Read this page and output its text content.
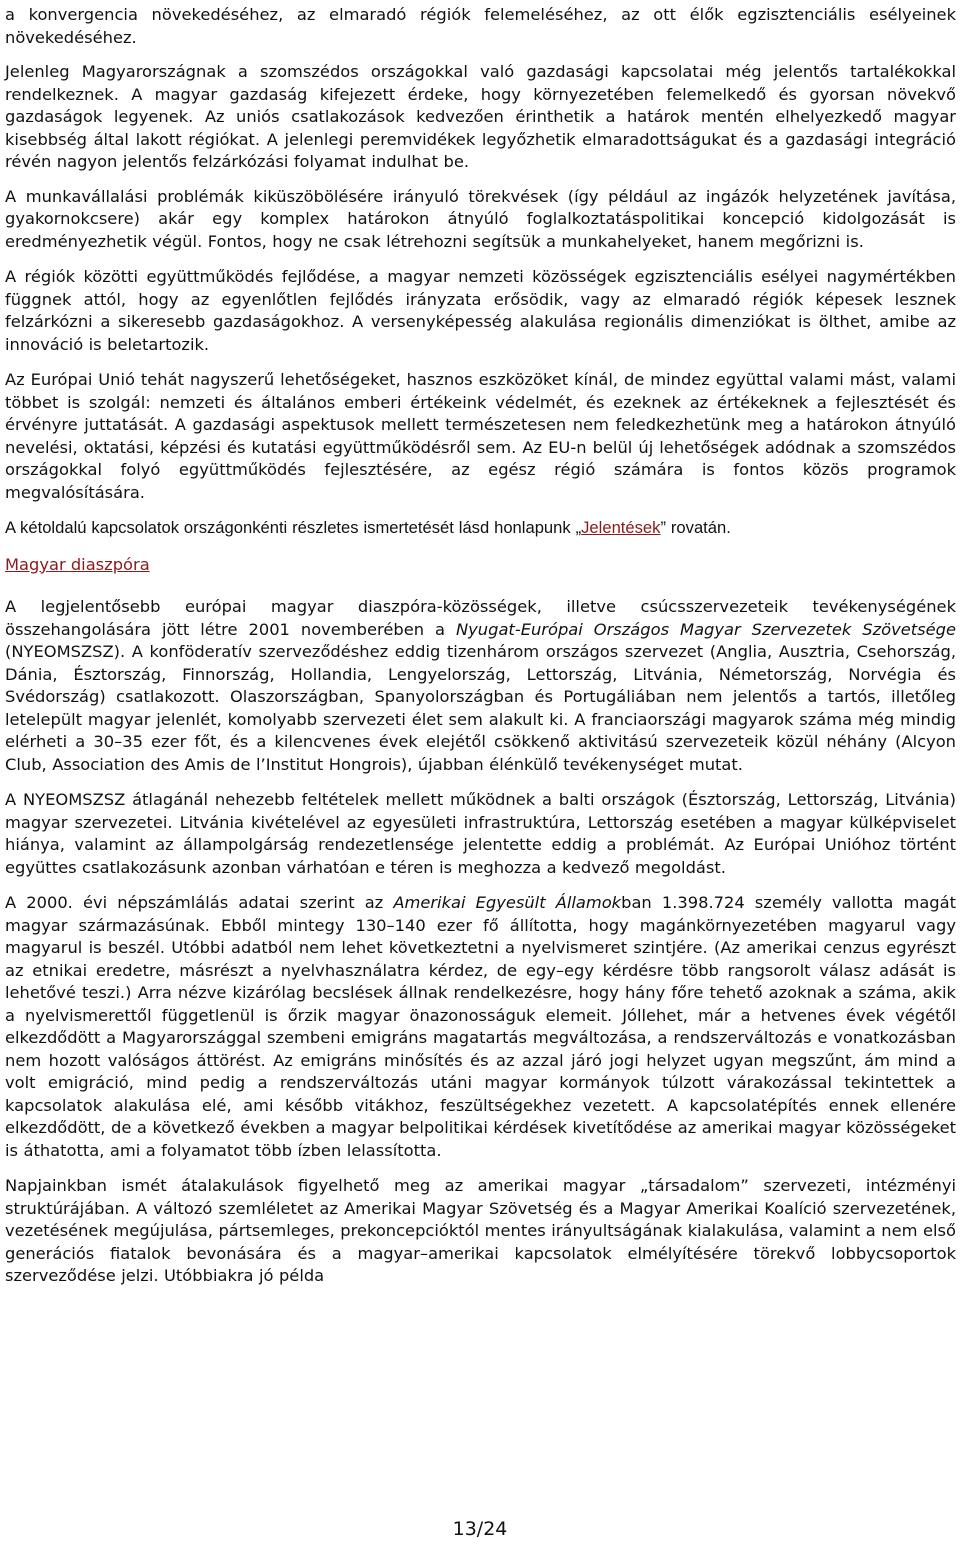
a konvergencia növekedéséhez, az elmaradó régiók felemeléséhez, az ott élők egzisztenciális esélyeinek növekedéséhez.

Jelenleg Magyarországnak a szomszédos országokkal való gazdasági kapcsolatai még jelentős tartalékokkal rendelkeznek. A magyar gazdaság kifejezett érdeke, hogy környezetében felemelkedő és gyorsan növekvő gazdaságok legyenek. Az uniós csatlakozások kedvezően érinthetik a határok mentén elhelyezkedő magyar kisebbség által lakott régiókat. A jelenlegi peremvidékek legyőzhetik elmaradottságukat és a gazdasági integráció révén nagyon jelentős felzárkózási folyamat indulhat be.

A munkavállalási problémák kiküszöbölésére irányuló törekvések (így például az ingázók helyzetének javítása, gyakornokcsere) akár egy komplex határokon átnyúló foglalkoztatáspolitikai koncepció kidolgozását is eredményezhetik végül. Fontos, hogy ne csak létrehozni segítsük a munkahelyeket, hanem megőrizni is.

A régiók közötti együttműködés fejlődése, a magyar nemzeti közösségek egzisztenciális esélyei nagymértékben függnek attól, hogy az egyenlőtlen fejlődés irányzata erősödik, vagy az elmaradó régiók képesek lesznek felzárkózni a sikeresebb gazdaságokhoz. A versenyképesség alakulása regionális dimenziókat is ölthet, amibe az innováció is beletartozik.

Az Európai Unió tehát nagyszerű lehetőségeket, hasznos eszközöket kínál, de mindez együttal valami mást, valami többet is szolgál: nemzeti és általános emberi értékeink védelmét, és ezeknek az értékeknek a fejlesztését és érvényre juttatását. A gazdasági aspektusok mellett természetesen nem feledkezhetünk meg a határokon átnyúló nevelési, oktatási, képzési és kutatási együttműködésről sem. Az EU-n belül új lehetőségek adódnak a szomszédos országokkal folyó együttműködés fejlesztésére, az egész régió számára is fontos közös programok megvalósítására.

A kétoldalú kapcsolatok országonkénti részletes ismertetését lásd honlapunk „Jelentések” rovatán.

Magyar diaszpóra

A legjelentősebb európai magyar diaszpóra-közösségek, illetve csúcsszervezeteik tevékenységének összehangolására jött létre 2001 novemberében a Nyugat-Európai Országos Magyar Szervezetek Szövetsége (NYEOMSZSZ). A konföderatív szerveződéshez eddig tizenhárom országos szervezet (Anglia, Ausztria, Csehország, Dánia, Észtország, Finnország, Hollandia, Lengyelország, Lettország, Litvánia, Németország, Norvégia és Svédország) csatlakozott. Olaszországban, Spanyolországban és Portugáliában nem jelentős a tartós, illetőleg letelepült magyar jelenlét, komolyabb szervezeti élet sem alakult ki. A franciaországi magyarok száma még mindig elérheti a 30–35 ezer főt, és a kilencvenes évek elejétől csökkenő aktivitású szervezeteik közül néhány (Alcyon Club, Association des Amis de l’Institut Hongrois), újabban élénkülő tevékenységet mutat.

A NYEOMSZSZ átlagánál nehezebb feltételek mellett működnek a balti országok (Észtország, Lettország, Litvánia) magyar szervezetei. Litvánia kivételével az egyesületi infrastruktúra, Lettország esetében a magyar külképviselet hiánya, valamint az állampolgárság rendezetlensége jelentette eddig a problémát. Az Európai Unióhoz történt együttes csatlakozásunk azonban várhatóan e téren is meghozza a kedvező megoldást.

A 2000. évi népszámlálás adatai szerint az Amerikai Egyesült Államokban 1.398.724 személy vallotta magát magyar származásúnak. Ebből mintegy 130–140 ezer fő állította, hogy magánkörnyezetében magyarul vagy magyarul is beszél. Utóbbi adatból nem lehet következtetni a nyelvismeret szintjére. (Az amerikai cenzus egyrészt az etnikai eredetre, másrészt a nyelvhasználatra kérdez, de egy–egy kérdésre több rangsorolt válasz adását is lehetővé teszi.) Arra nézve kizárólag becslések állnak rendelkezésre, hogy hány főre tehető azoknak a száma, akik a nyelvismerettől függetlenül is őrzik magyar önazonosságuk elemeit. Jóllehet, már a hetvenes évek végétől elkezdődött a Magyarországgal szembeni emigráns magatartás megváltozása, a rendszerváltozás e vonatkozásban nem hozott valóságos áttörést. Az emigráns minősítés és az azzal járó jogi helyzet ugyan megszűnt, ám mind a volt emigráció, mind pedig a rendszerváltozás utáni magyar kormányok túlzott várakozással tekintettek a kapcsolatok alakulása elé, ami később vitákhoz, feszültségekhez vezetett. A kapcsolatépítés ennek ellenére elkezdődött, de a következő években a magyar belpolitikai kérdések kivetítődése az amerikai magyar közösségeket is áthatotta, ami a folyamatot több ízben lelassította.

Napjainkban ismét átalakulások figyelhető meg az amerikai magyar „társadalom” szervezeti, intézményi struktúrájában. A változó szemléletet az Amerikai Magyar Szövetség és a Magyar Amerikai Koalíció szervezetének, vezetésének megújulása, pártsemleges, prekoncepcióktól mentes irányultságának kialakulása, valamint a nem első generációs fiatalok bevonására és a magyar–amerikai kapcsolatok elmélyítésére törekvő lobbycsoportok szerveződése jelzi. Utóbbiakra jó példa

13/24
